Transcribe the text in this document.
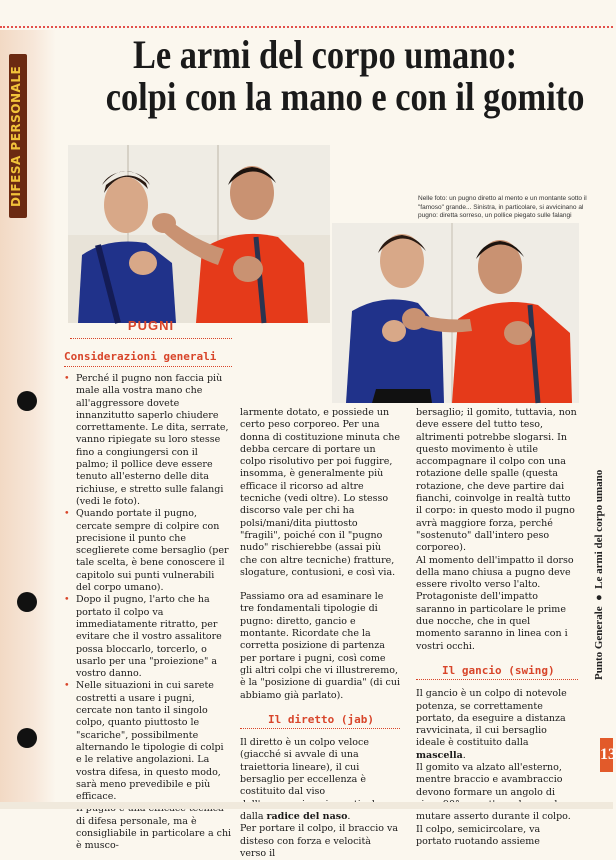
DIFESA PERSONALE
Le armi del corpo umano:
colpi con la mano e con il gomito
Nelle foto: un pugno diretto al mento e un montante sotto il "famoso" grande... Sinistra, in particolare, si avvicinano al pugno: diretta sorreso, un pollice piegato sulle falangi
PUGNI
Considerazioni generali

• Perché il pugno non faccia più male alla vostra mano che all'aggressore dovete innanzitutto saperlo chiudere correttamente. Le dita, serrate, vanno ripiegate su loro stesse fino a congiungersi con il palmo; il pollice deve essere tenuto all'esterno delle dita richiuse, e stretto sulle falangi (vedi le foto).

• Quando portate il pugno, cercate sempre di colpire con precisione il punto che sceglierete come bersaglio (per tale scelta, è bene conoscere il capitolo sui punti vulnerabili del corpo umano).

• Dopo il pugno, l'arto che ha portato il colpo va immediatamente ritratto, per evitare che il vostro assalitore possa bloccarlo, torcerlo, o usarlo per una "proiezione" a vostro danno.

• Nelle situazioni in cui sarete costretti a usare i pugni, cercate non tanto il singolo colpo, quanto piuttosto le "scariche", possibilmente alternando le tipologie di colpi e le relative angolazioni. La vostra difesa, in questo modo, sarà meno prevedibile e più efficace.

• di difesa personale, ma è consigliabile in particolare a chi è musco-

larmente dotato, e possiede un certo peso corporeo. Per una donna di costituzione minuta che debba cercare di portare un colpo risolutivo per poi fuggire, insomma, è generalmente più efficace il ricorso ad altre tecniche (vedi oltre). Lo stesso discorso vale per chi ha polsi/mani/dita piuttosto "fragili", poiché con il "pugno nudo" rischierebbe (assai più che con altre tecniche) fratture, slogature, contusioni, e così via.

Passiamo ora ad esaminare le tre fondamentali tipologie di pugno: diretto, gancio e montante. Ricordate che la corretta posizione di partenza per portare i pugni, così come gli altri colpi che vi illustreremo, è la "posizione di guardia" (di cui abbiamo già parlato).

Il diretto (jab)

Il diretto è un colpo veloce (giacché si avvale di una traiettoria lineare), il cui bersaglio per eccellenza è costituito dal viso dalla radice del naso.

Per portare il colpo, il braccio va disteso con forza e velocità verso il

bersaglio; il gomito, tuttavia, non deve essere del tutto teso, altrimenti potrebbe slogarsi. In questo movimento è utile accompagnare il colpo con una rotazione delle spalle (questa rotazione, che deve partire dai fianchi, coinvolge in realtà tutto il corpo: in questo modo il pugno avrà maggiore forza, perché "sostenuto" dall'intero peso corporeo).

Al momento dell'impatto il dorso della mano chiusa a pugno deve essere rivolto verso l'alto. Protagoniste dell'impatto saranno in particolare le prime due nocche, che in quel momento saranno in linea con i vostri occhi.

Il gancio (swing)

Il gancio è un colpo di notevole potenza, se correttamente portato, da eseguire a distanza ravvicinata, il cui bersaglio ideale è costituito dalla mascella.

Il gomito va alzato all'esterno, mentre braccio e avambraccio devono formare un angolo di mutare asserto durante il colpo. Il colpo, semicircolare, va portato ruotando assieme

Punto Generale ● Le armi del corpo umano
13
